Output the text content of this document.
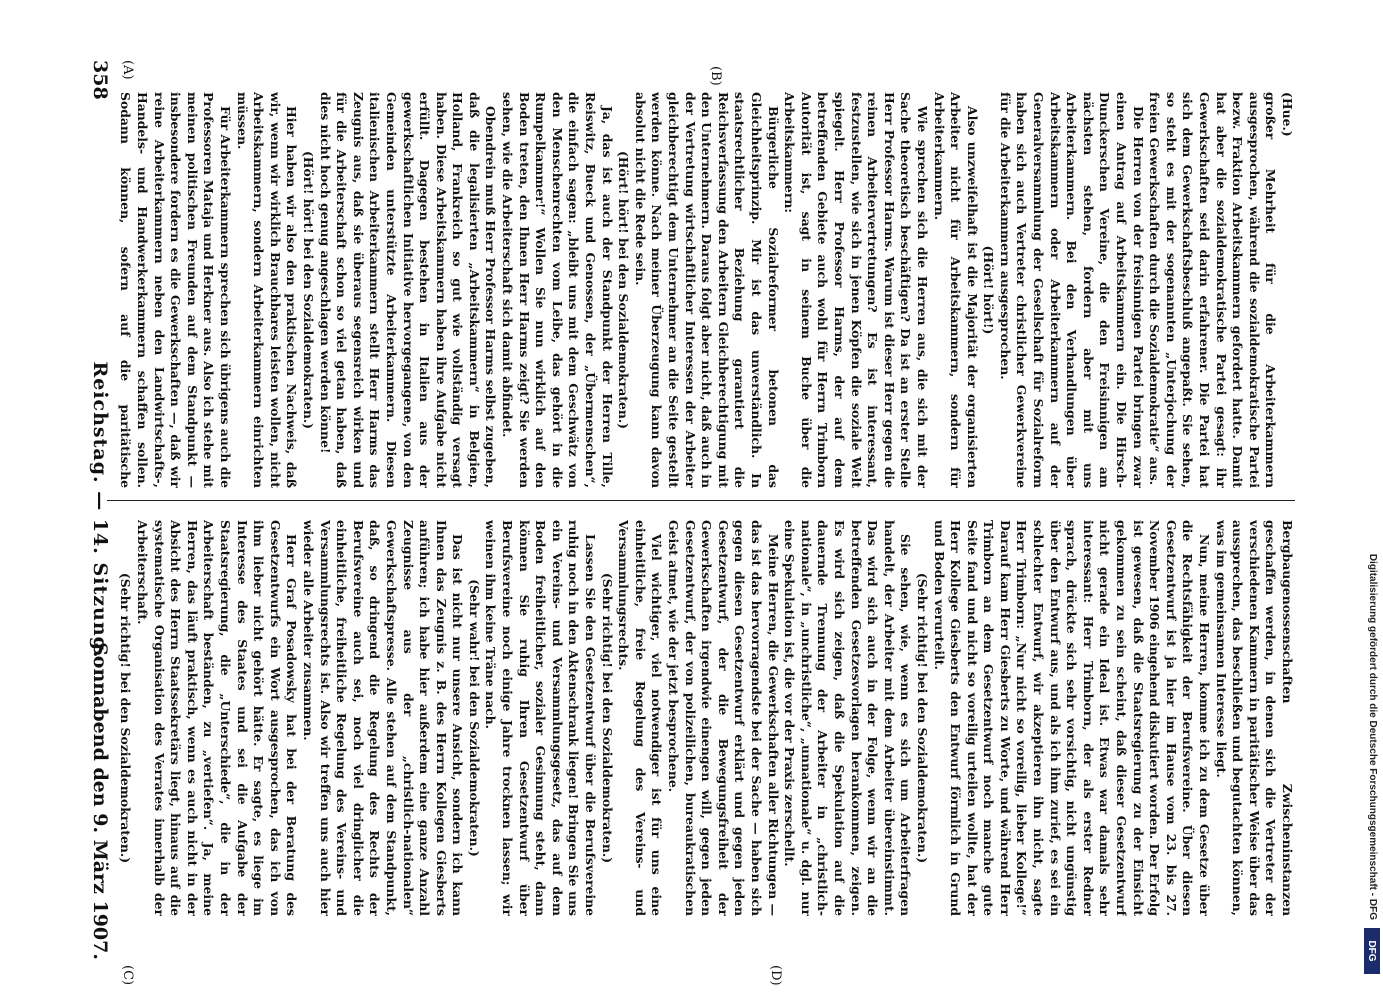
Digitalisierung gefördert durch die Deutsche Forschungsgemeinschaft - DFG
DFG
358
Reichstag. — 14. Sitzung.
Sonnabend den 9. März 1907.
(A)	(B)
(C)	(D)

(Hue.)

großer Mehrheit für die Arbeiterkammern ausgesprochen, während die sozialdemokratische Partei bezw. Fraktion Arbeitskammern gefordert hatte. Damit hat aber die sozialdemokratische Partei gesagt: ihr Gewerkschaften seid darin erfahrener. Die Partei hat sich dem Gewerkschaftsbeschluß angepaßt. Sie sehen, so steht es mit der sogenannten „Unterjochung der freien Gewerkschaften durch die Sozialdemokratie“ aus.

Die Herren von der freisinnigen Partei bringen zwar einen Antrag auf Arbeitskammern ein. Die Hirsch-Dunckerschen Vereine, die den Freisinnigen am nächsten stehen, fordern aber mit uns Arbeiterkammern. Bei den Verhandlungen über Arbeitskammern oder Arbeiterkammern auf der Generalversammlung der Gesellschaft für Sozialreform haben sich auch Vertreter christlicher Gewerkvereine für die Arbeiterkammern ausgesprochen.

(Hört! hört!)

Also unzweifelhaft ist die Majorität der organisierten Arbeiter nicht für Arbeitskammern, sondern für Arbeiterkammern.

Wie sprechen sich die Herren aus, die sich mit der Sache theoretisch beschäftigen? Da ist an erster Stelle Herr Professor Harms. Warum ist dieser Herr gegen die reinen Arbeitervertretungen? Es ist interessant, festzustellen, wie sich in jenen Köpfen die soziale Welt spiegelt. Herr Professor Harms, der auf dem betreffenden Gebiete auch wohl für Herrn Trimborn Autorität ist, sagt in seinem Buche über die Arbeitskammern:

Bürgerliche Sozialreformer betonen das Gleichheitsprinzip. Mir ist das unverständlich. In staatsrechtlicher Beziehung garantiert die Reichsverfassung den Arbeitern Gleichberechtigung mit den Unternehmern. Daraus folgt aber nicht, daß auch in der Vertretung wirtschaftlicher Interessen der Arbeiter gleichberechtigt dem Unternehmer an die Seite gestellt werden könne. Nach meiner Überzeugung kann davon absolut nicht die Rede sein.

(Hört! hört! bei den Sozialdemokraten.)

Ja, das ist auch der Standpunkt der Herren Tille, Reiswitz, Bueck und Genossen, der „Übermenschen“, die einfach sagen: „bleibt uns mit dem Geschwätz von den Menschenrechten vom Leibe, das gehört in die Rumpelkammer!“ Wollen Sie nun wirklich auf den Boden treten, den Ihnen Herr Harms zeigt? Sie werden sehen, wie die Arbeiterschaft sich damit abfindet.

Obendrein muß Herr Professor Harms selbst zugeben, daß die legalisierten „Arbeitskammern“ in Belgien, Holland, Frankreich so gut wie vollständig versagt haben. Diese Arbeitskammern haben ihre Aufgabe nicht erfüllt. Dagegen bestehen in Italien aus der gewerkschaftlichen Initiative hervorgegangene, von den Gemeinden unterstützte Arbeiterkammern. Diesen italienischen Arbeiterkammern stellt Herr Harms das Zeugnis aus, daß sie überaus segensreich wirken und für die Arbeiterschaft schon so viel getan haben, daß dies nicht hoch genug angeschlagen werden könne!

(Hört! hört! bei den Sozialdemokraten.)

Hier haben wir also den praktischen Nachweis, daß wir, wenn wir wirklich Brauchbares leisten wollen, nicht Arbeitskammern, sondern Arbeiterkammern einrichten müssen.

Für Arbeiterkammern sprechen sich übrigens auch die Professoren Mataja und Herkner aus. Also ich stehe mit meinen politischen Freunden auf dem Standpunkt — insbesondere fordern es die Gewerkschaften —, daß wir reine Arbeiterkammern neben den Landwirtschafts-, Handels- und Handwerkerkammern schaffen sollen. Sodann können, sofern auf die paritätische

Bergbaugenossenschaften Zwischeninstanzen geschaffen werden, in denen sich die Vertreter der verschiedenen Kammern in paritätischer Weise über das aussprechen, das beschließen und begutachten können, was im gemeinsamen Interesse liegt.

Nun, meine Herren, komme ich zu dem Gesetze über die Rechtsfähigkeit der Berufsvereine. Über diesen Gesetzentwurf ist ja hier im Hause vom 23. bis 27. November 1906 eingehend diskutiert worden. Der Erfolg ist gewesen, daß die Staatsregierung zu der Einsicht gekommen zu sein scheint, daß dieser Gesetzentwurf nicht gerade ein Ideal ist. Etwas war damals sehr interessant: Herr Trimborn, der als erster Redner sprach, drückte sich sehr vorsichtig, nicht ungünstig über den Entwurf aus, und als ich ihm zurief, es sei ein schlechter Entwurf, wir akzeptieren ihn nicht, sagte Herr Trimborn: „Nur nicht so voreilig, lieber Kollege!“ Darauf kam Herr Giesberts zu Worte, und während Herr Trimborn an dem Gesetzentwurf noch manche gute Seite fand und nicht so voreilig urteilen wollte, hat der Herr Kollege Giesberts den Entwurf förmlich in Grund und Boden verurteilt.

(Sehr richtig! bei den Sozialdemokraten.)

Sie sehen, wie, wenn es sich um Arbeiterfragen handelt, der Arbeiter mit dem Arbeiter übereinstimmt. Das wird sich auch in der Folge, wenn wir an die betreffenden Gesetzesvorlagen herankommen, zeigen. Es wird sich zeigen, daß die Spekulation auf die dauernde Trennung der Arbeiter in „christlich-nationale“, in „unchristliche“, „unnationale“ u. dgl. nur eine Spekulation ist, die vor der Praxis zerschellt.

Meine Herren, die Gewerkschaften aller Richtungen — das ist das hervorragendste bei der Sache — haben sich gegen diesen Gesetzentwurf erklärt und gegen jeden Gesetzentwurf, der die Bewegungsfreiheit der Gewerkschaften irgendwie einengen will, gegen jeden Gesetzentwurf, der von polizeilichen, bureaukratischen Geist atmet, wie der jetzt besprochene.

Viel wichtiger, viel notwendiger ist für uns eine einheitliche, freie Regelung des Vereins- und Versammlungsrechts.

(Sehr richtig! bei den Sozialdemokraten.)

Lassen Sie den Gesetzentwurf über die Berufsvereine ruhig noch in den Aktenschrank liegen! Bringen Sie uns ein Vereins- und Versammlungsgesetz, das auf dem Boden freiheitlicher, sozialer Gesinnung steht, dann können Sie ruhig Ihren Gesetzentwurf über Berufsvereine noch einige Jahre trocknen lassen; wir weinen ihm keine Träne nach.

(Sehr wahr! bei den Sozialdemokraten.)

Das ist nicht nur unsere Ansicht, sondern ich kann Ihnen das Zeugnis z. B. des Herrn Kollegen Giesberts anführen; ich habe hier außerdem eine ganze Anzahl Zeugnisse aus der „christlich-nationalen“ Gewerkschaftspresse. Alle stehen auf dem Standpunkt, daß, so dringend die Regelung des Rechts der Berufsvereine auch sei, noch viel dringlicher die einheitliche, freiheitliche Regelung des Vereins- und Versammlungsrechts ist. Also wir treffen uns auch hier wieder alle Arbeiter zusammen.

Herr Graf Posadowsky hat bei der Beratung des Gesetzentwurfs ein Wort ausgesprochen, das ich von ihm lieber nicht gehört hätte. Er sagte, es liege im Interesse des Staates und sei die Aufgabe der Staatsregierung, die „Unterschiede“, die in der Arbeiterschaft beständen, zu „vertiefen“. Ja, meine Herren, das läuft praktisch, wenn es auch nicht in der Absicht des Herrn Staatssekretärs liegt, hinaus auf die systematische Organisation des Verrates innerhalb der Arbeiterschaft.

(Sehr richtig! bei den Sozialdemokraten.)
